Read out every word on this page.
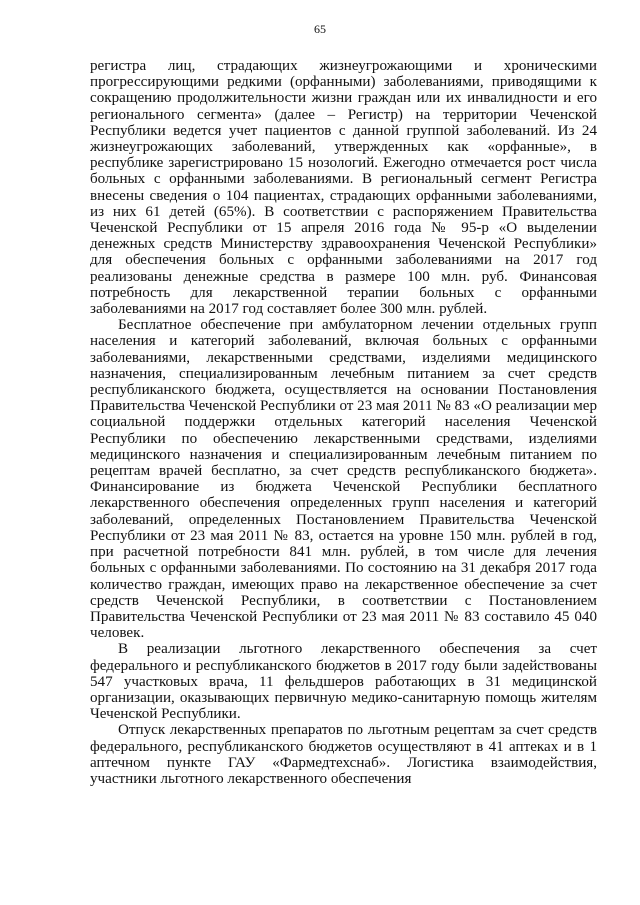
65

регистра лиц, страдающих жизнеугрожающими и хроническими прогрессирующими редкими (орфанными) заболеваниями, приводящими к сокращению продолжительности жизни граждан или их инвалидности и его регионального сегмента» (далее – Регистр) на территории Чеченской Республики ведется учет пациентов с данной группой заболеваний. Из 24 жизнеугрожающих заболеваний, утвержденных как «орфанные», в республике зарегистрировано 15 нозологий. Ежегодно отмечается рост числа больных с орфанными заболеваниями. В региональный сегмент Регистра внесены сведения о 104 пациентах, страдающих орфанными заболеваниями, из них 61 детей (65%). В соответствии с распоряжением Правительства Чеченской Республики от 15 апреля 2016 года № 95-р «О выделении денежных средств Министерству здравоохранения Чеченской Республики» для обеспечения больных с орфанными заболеваниями на 2017 год реализованы денежные средства в размере 100 млн. руб. Финансовая потребность для лекарственной терапии больных с орфанными заболеваниями на 2017 год составляет более 300 млн. рублей.

Бесплатное обеспечение при амбулаторном лечении отдельных групп населения и категорий заболеваний, включая больных с орфанными заболеваниями, лекарственными средствами, изделиями медицинского назначения, специализированным лечебным питанием за счет средств республиканского бюджета, осуществляется на основании Постановления Правительства Чеченской Республики от 23 мая 2011 № 83 «О реализации мер социальной поддержки отдельных категорий населения Чеченской Республики по обеспечению лекарственными средствами, изделиями медицинского назначения и специализированным лечебным питанием по рецептам врачей бесплатно, за счет средств республиканского бюджета». Финансирование из бюджета Чеченской Республики бесплатного лекарственного обеспечения определенных групп населения и категорий заболеваний, определенных Постановлением Правительства Чеченской Республики от 23 мая 2011 № 83, остается на уровне 150 млн. рублей в год, при расчетной потребности 841 млн. рублей, в том числе для лечения больных с орфанными заболеваниями. По состоянию на 31 декабря 2017 года количество граждан, имеющих право на лекарственное обеспечение за счет средств Чеченской Республики, в соответствии с Постановлением Правительства Чеченской Республики от 23 мая 2011 № 83 составило 45 040 человек.

В реализации льготного лекарственного обеспечения за счет федерального и республиканского бюджетов в 2017 году были задействованы 547 участковых врача, 11 фельдшеров работающих в 31 медицинской организации, оказывающих первичную медико-санитарную помощь жителям Чеченской Республики.

Отпуск лекарственных препаратов по льготным рецептам за счет средств федерального, республиканского бюджетов осуществляют в 41 аптеках и в 1 аптечном пункте ГАУ «Фармедтехснаб». Логистика взаимодействия, участники льготного лекарственного обеспечения
